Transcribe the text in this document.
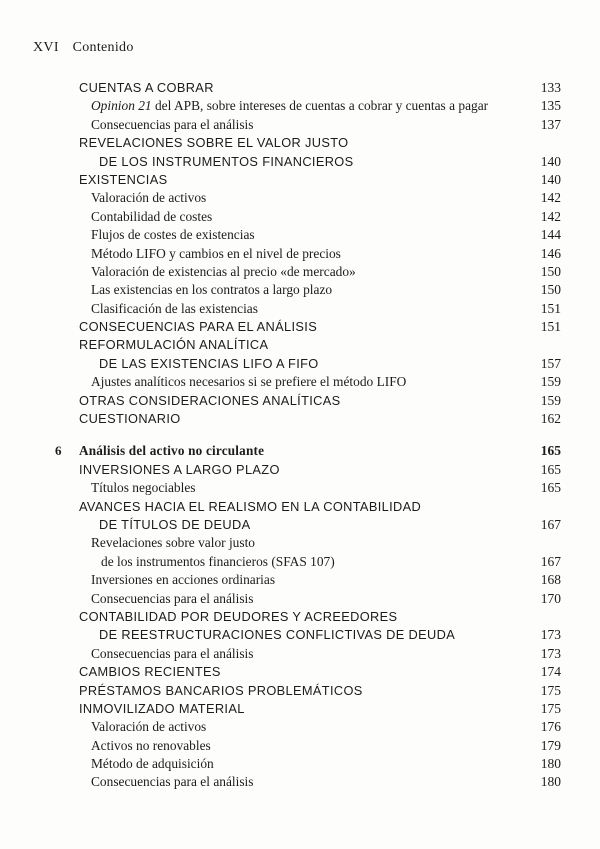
XVI Contenido
CUENTAS A COBRAR	133
Opinion 21 del APB, sobre intereses de cuentas a cobrar y cuentas a pagar	135
Consecuencias para el análisis	137
REVELACIONES SOBRE EL VALOR JUSTO
DE LOS INSTRUMENTOS FINANCIEROS	140
EXISTENCIAS	140
Valoración de activos	142
Contabilidad de costes	142
Flujos de costes de existencias	144
Método LIFO y cambios en el nivel de precios	146
Valoración de existencias al precio «de mercado»	150
Las existencias en los contratos a largo plazo	150
Clasificación de las existencias	151
CONSECUENCIAS PARA EL ANÁLISIS	151
REFORMULACIÓN ANALÍTICA
DE LAS EXISTENCIAS LIFO A FIFO	157
Ajustes analíticos necesarios si se prefiere el método LIFO	159
OTRAS CONSIDERACIONES ANALÍTICAS	159
CUESTIONARIO	162
6	Análisis del activo no circulante	165
INVERSIONES A LARGO PLAZO	165
Títulos negociables	165
AVANCES HACIA EL REALISMO EN LA CONTABILIDAD
DE TÍTULOS DE DEUDA	167
Revelaciones sobre valor justo
de los instrumentos financieros (SFAS 107)	167
Inversiones en acciones ordinarias	168
Consecuencias para el análisis	170
CONTABILIDAD POR DEUDORES Y ACREEDORES
DE REESTRUCTURACIONES CONFLICTIVAS DE DEUDA	173
Consecuencias para el análisis	173
CAMBIOS RECIENTES	174
PRÉSTAMOS BANCARIOS PROBLEMÁTICOS	175
INMOVILIZADO MATERIAL	175
Valoración de activos	176
Activos no renovables	179
Método de adquisición	180
Consecuencias para el análisis	180
